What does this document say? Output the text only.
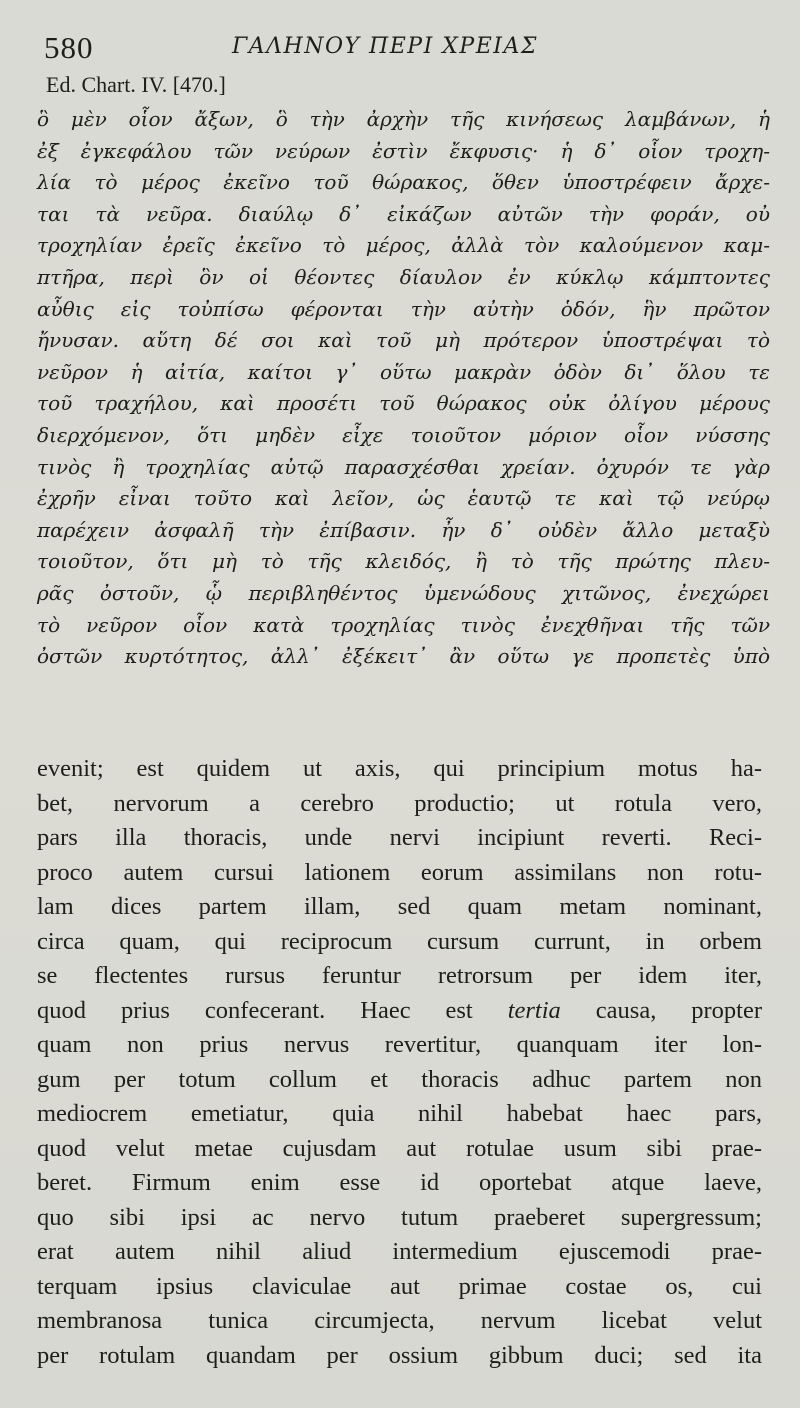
580	ΓΑΛΗΝΟΥ ΠΕΡΙ ΧΡΕΙΑΣ
Ed. Chart. IV. [470.]
ὃ μὲν οἷον ἄξων, ὃ τὴν ἀρχὴν τῆς κινήσεως λαμβάνων, ἡ
ἐξ ἐγκεφάλου τῶν νεύρων ἐστὶν ἔκφυσις· ἡ δ᾽ οἷον τροχη-
λία τὸ μέρος ἐκεῖνο τοῦ θώρακος, ὅθεν ὑποστρέφειν ἄρχε-
ται τὰ νεῦρα. διαύλῳ δ᾽ εἰκάζων αὐτῶν τὴν φοράν, οὐ
τροχηλίαν ἐρεῖς ἐκεῖνο τὸ μέρος, ἀλλὰ τὸν καλούμενον καμ-
πτῆρα, περὶ ὃν οἱ θέοντες δίαυλον ἐν κύκλῳ κάμπτοντες
αὖθις εἰς τοὐπίσω φέρονται τὴν αὐτὴν ὁδόν, ἣν πρῶτον
ἤνυσαν. αὕτη δέ σοι καὶ τοῦ μὴ πρότερον ὑποστρέψαι τὸ
νεῦρον ἡ αἰτία, καίτοι γ᾽ οὕτω μακρὰν ὁδὸν δι᾽ ὅλου τε
τοῦ τραχήλου, καὶ προσέτι τοῦ θώρακος οὐκ ὀλίγου μέρους
διερχόμενον, ὅτι μηδὲν εἶχε τοιοῦτον μόριον οἷον νύσσης
τινὸς ἢ τροχηλίας αὐτῷ παρασχέσθαι χρείαν. ὀχυρόν τε γὰρ
ἐχρῆν εἶναι τοῦτο καὶ λεῖον, ὡς ἑαυτῷ τε καὶ τῷ νεύρῳ
παρέχειν ἀσφαλῆ τὴν ἐπίβασιν. ἦν δ᾽ οὐδὲν ἄλλο μεταξὺ
τοιοῦτον, ὅτι μὴ τὸ τῆς κλειδός, ἢ τὸ τῆς πρώτης πλευ-
ρᾶς ὀστοῦν, ᾧ περιβληθέντος ὑμενώδους χιτῶνος, ἐνεχώρει
τὸ νεῦρον οἷον κατὰ τροχηλίας τινὸς ἐνεχθῆναι τῆς τῶν
ὀστῶν κυρτότητος, ἀλλ᾽ ἐξέκειτ᾽ ἂν οὕτω γε προπετὲς ὑπὸ
evenit; est quidem ut axis, qui principium motus ha-
bet, nervorum a cerebro productio; ut rotula vero,
pars illa thoracis, unde nervi incipiunt reverti. Reci-
proco autem cursui lationem eorum assimilans non rotu-
lam dices partem illam, sed quam metam nominant,
circa quam, qui reciprocum cursum currunt, in orbem
se flectentes rursus feruntur retrorsum per idem iter,
quod prius confecerant. Haec est tertia causa, propter
quam non prius nervus revertitur, quanquam iter lon-
gum per totum collum et thoracis adhuc partem non
mediocrem emetiatur, quia nihil habebat haec pars,
quod velut metae cujusdam aut rotulae usum sibi prae-
beret. Firmum enim esse id oportebat atque laeve,
quo sibi ipsi ac nervo tutum praeberet supergressum;
erat autem nihil aliud intermedium ejuscemodi prae-
terquam ipsius claviculae aut primae costae os, cui
membranosa tunica circumjecta, nervum licebat velut
per rotulam quandam per ossium gibbum duci; sed ita
